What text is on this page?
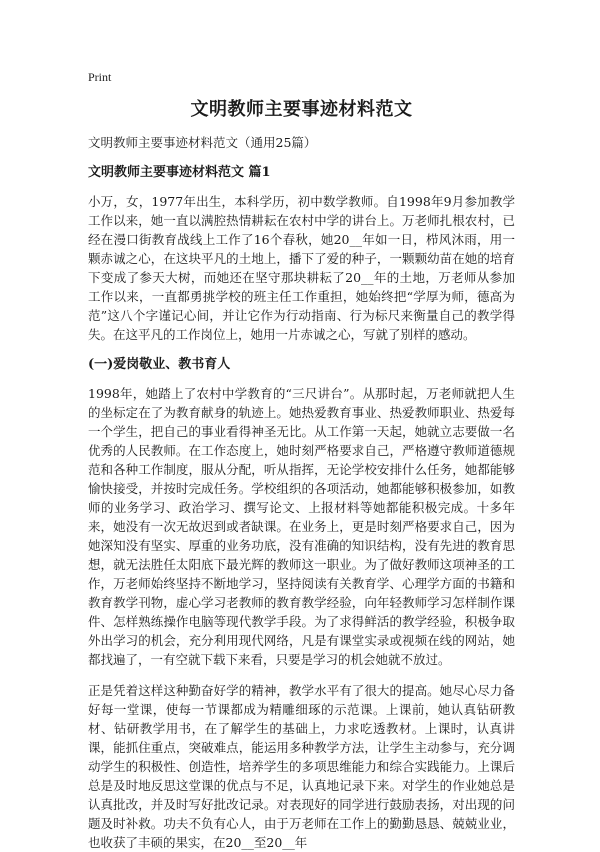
Print
文明教师主要事迹材料范文

文明教师主要事迹材料范文（通用25篇）

文明教师主要事迹材料范文 篇1

小万，女，1977年出生，本科学历，初中数学教师。自1998年9月参加教学工作以来，她一直以满腔热情耕耘在农村中学的讲台上。万老师扎根农村，已经在漫口街教育战线上工作了16个春秋，她20__年如一日，栉风沐雨，用一颗赤诚之心，在这块平凡的土地上，播下了爱的种子，一颗颗幼苗在她的培育下变成了参天大树，而她还在坚守那块耕耘了20__年的土地，万老师从参加工作以来，一直都勇挑学校的班主任工作重担，她始终把“学厚为师，德高为范”这八个字谨记心间，并让它作为行动指南、行为标尺来衡量自己的教学得失。在这平凡的工作岗位上，她用一片赤诚之心，写就了别样的感动。

(一)爱岗敬业、教书育人

1998年，她踏上了农村中学教育的“三尺讲台”。从那时起，万老师就把人生的坐标定在了为教育献身的轨迹上。她热爱教育事业、热爱教师职业、热爱每一个学生，把自己的事业看得神圣无比。从工作第一天起，她就立志要做一名优秀的人民教师。在工作态度上，她时刻严格要求自己，严格遵守教师道德规范和各种工作制度，服从分配，听从指挥，无论学校安排什么任务，她都能够愉快接受，并按时完成任务。学校组织的各项活动，她都能够积极参加，如教师的业务学习、政治学习、撰写论文、上报材料等她都能积极完成。十多年来，她没有一次无故迟到或者缺课。在业务上，更是时刻严格要求自己，因为她深知没有坚实、厚重的业务功底，没有准确的知识结构，没有先进的教育思想，就无法胜任太阳底下最光辉的教师这一职业。为了做好教师这项神圣的工作，万老师始终坚持不断地学习，坚持阅读有关教育学、心理学方面的书籍和教育教学刊物，虚心学习老教师的教育教学经验，向年轻教师学习怎样制作课件、怎样熟练操作电脑等现代教学手段。为了求得鲜活的教学经验，积极争取外出学习的机会，充分利用现代网络，凡是有课堂实录或视频在线的网站，她都找遍了，一有空就下载下来看，只要是学习的机会她就不放过。

正是凭着这样这种勤奋好学的精神，教学水平有了很大的提高。她尽心尽力备好每一堂课，使每一节课都成为精雕细琢的示范课。上课前，她认真钻研教材、钻研教学用书，在了解学生的基础上，力求吃透教材。上课时，认真讲课，能抓住重点，突破难点，能运用多种教学方法，让学生主动参与，充分调动学生的积极性、创造性，培养学生的多项思维能力和综合实践能力。上课后总是及时地反思这堂课的优点与不足，认真地记录下来。对学生的作业她总是认真批改，并及时写好批改记录。对表现好的同学进行鼓励表扬，对出现的问题及时补救。功夫不负有心人，由于万老师在工作上的勤勤恳恳、兢兢业业，也收获了丰硕的果实，在20__至20__年
